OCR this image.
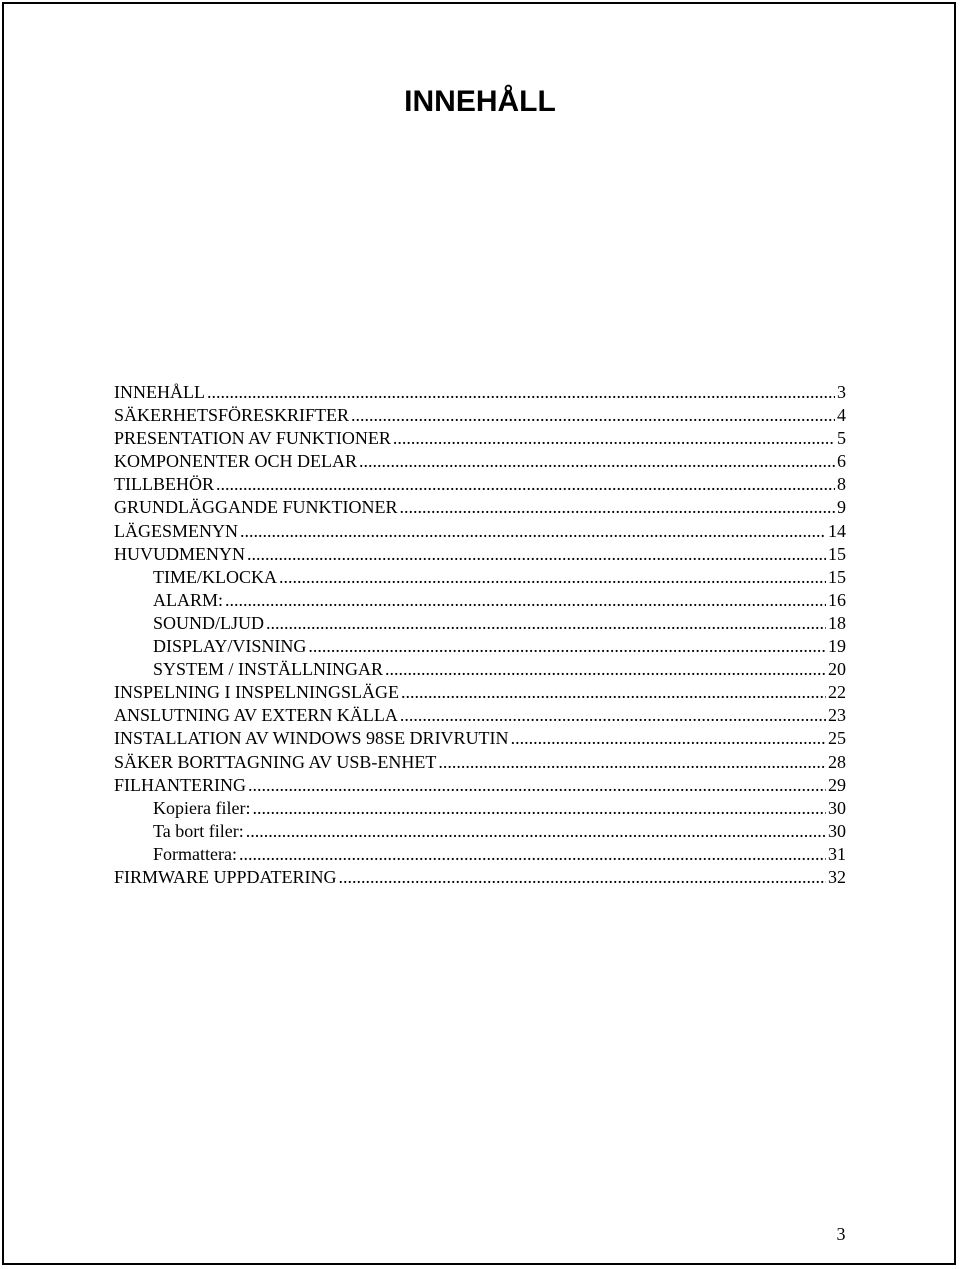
INNEHÅLL
INNEHÅLL .....	3
SÄKERHETSFÖRESKRIFTER .....	4
PRESENTATION AV FUNKTIONER .....	5
KOMPONENTER OCH DELAR .....	6
TILLBEHÖR .....	8
GRUNDLÄGGANDE FUNKTIONER .....	9
LÄGESMENYN .....	14
HUVUDMENYN .....	15
TIME/KLOCKA .....	15
ALARM: .....	16
SOUND/LJUD .....	18
DISPLAY/VISNING .....	19
SYSTEM / INSTÄLLNINGAR .....	20
INSPELNING I INSPELNINGSLÄGE .....	22
ANSLUTNING AV EXTERN KÄLLA .....	23
INSTALLATION AV WINDOWS 98SE DRIVRUTIN .....	25
SÄKER BORTTAGNING AV USB-ENHET .....	28
FILHANTERING .....	29
Kopiera filer: .....	30
Ta bort filer: .....	30
Formattera: .....	31
FIRMWARE UPPDATERING .....	32
3
